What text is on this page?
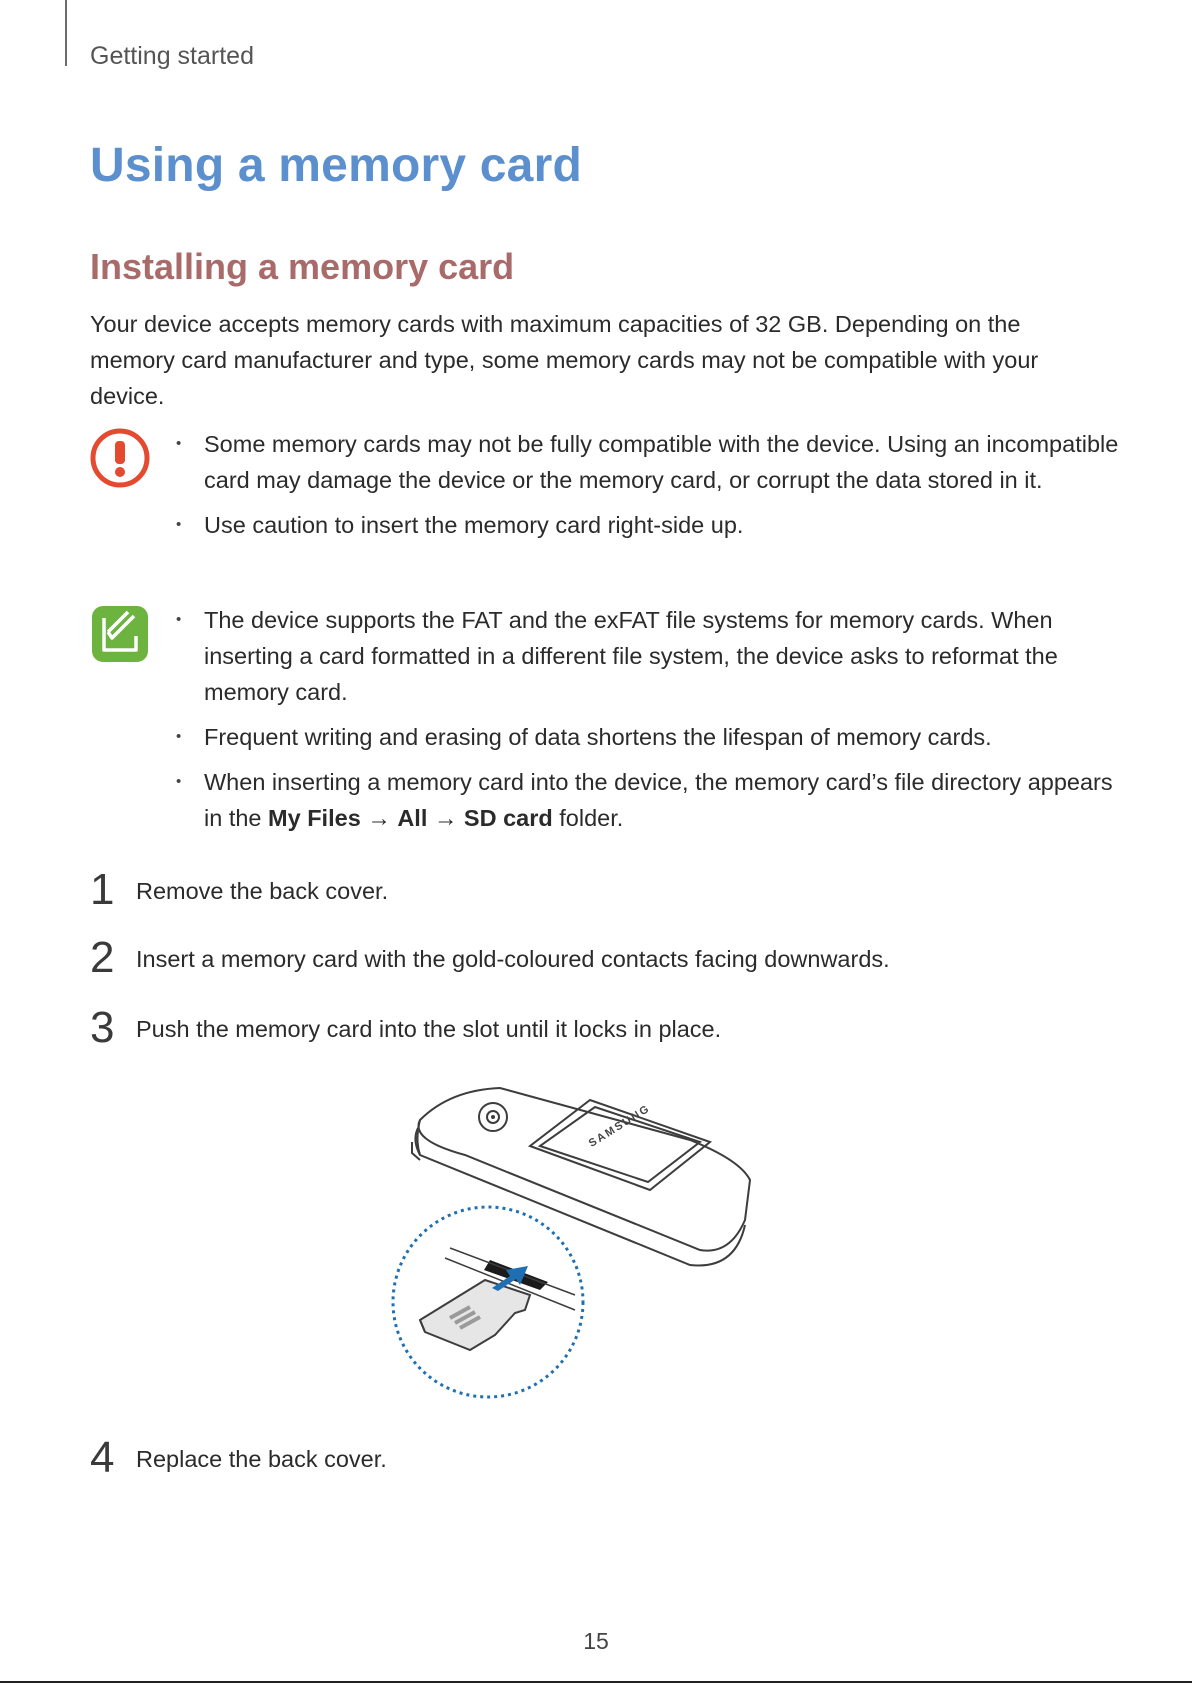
Getting started
Using a memory card
Installing a memory card

Your device accepts memory cards with maximum capacities of 32 GB. Depending on the memory card manufacturer and type, some memory cards may not be compatible with your device.

• Some memory cards may not be fully compatible with the device. Using an incompatible card may damage the device or the memory card, or corrupt the data stored in it.
• Use caution to insert the memory card right-side up.
• The device supports the FAT and the exFAT file systems for memory cards. When inserting a card formatted in a different file system, the device asks to reformat the memory card.
• Frequent writing and erasing of data shortens the lifespan of memory cards.
• When inserting a memory card into the device, the memory card’s file directory appears in the My Files → All → SD card folder.
1 Remove the back cover.
2 Insert a memory card with the gold-coloured contacts facing downwards.
3 Push the memory card into the slot until it locks in place.
SAMSUNG
4 Replace the back cover.
15
